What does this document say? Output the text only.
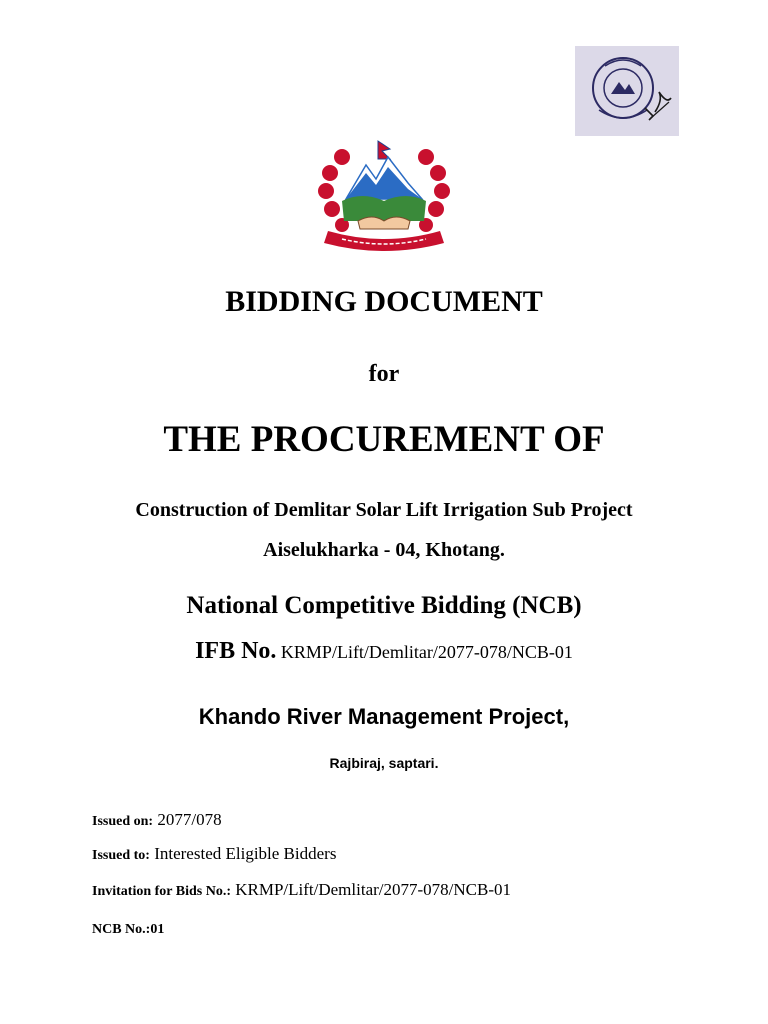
BIDDING DOCUMENT
for
THE PROCUREMENT OF
Construction of Demlitar Solar Lift Irrigation Sub Project
Aiselukharka - 04, Khotang.
National Competitive Bidding (NCB)
IFB No. KRMP/Lift/Demlitar/2077-078/NCB-01
Khando River Management Project,
Rajbiraj, saptari.
Issued on: 2077/078
Issued to: Interested Eligible Bidders
Invitation for Bids No.: KRMP/Lift/Demlitar/2077-078/NCB-01
NCB No.:01
